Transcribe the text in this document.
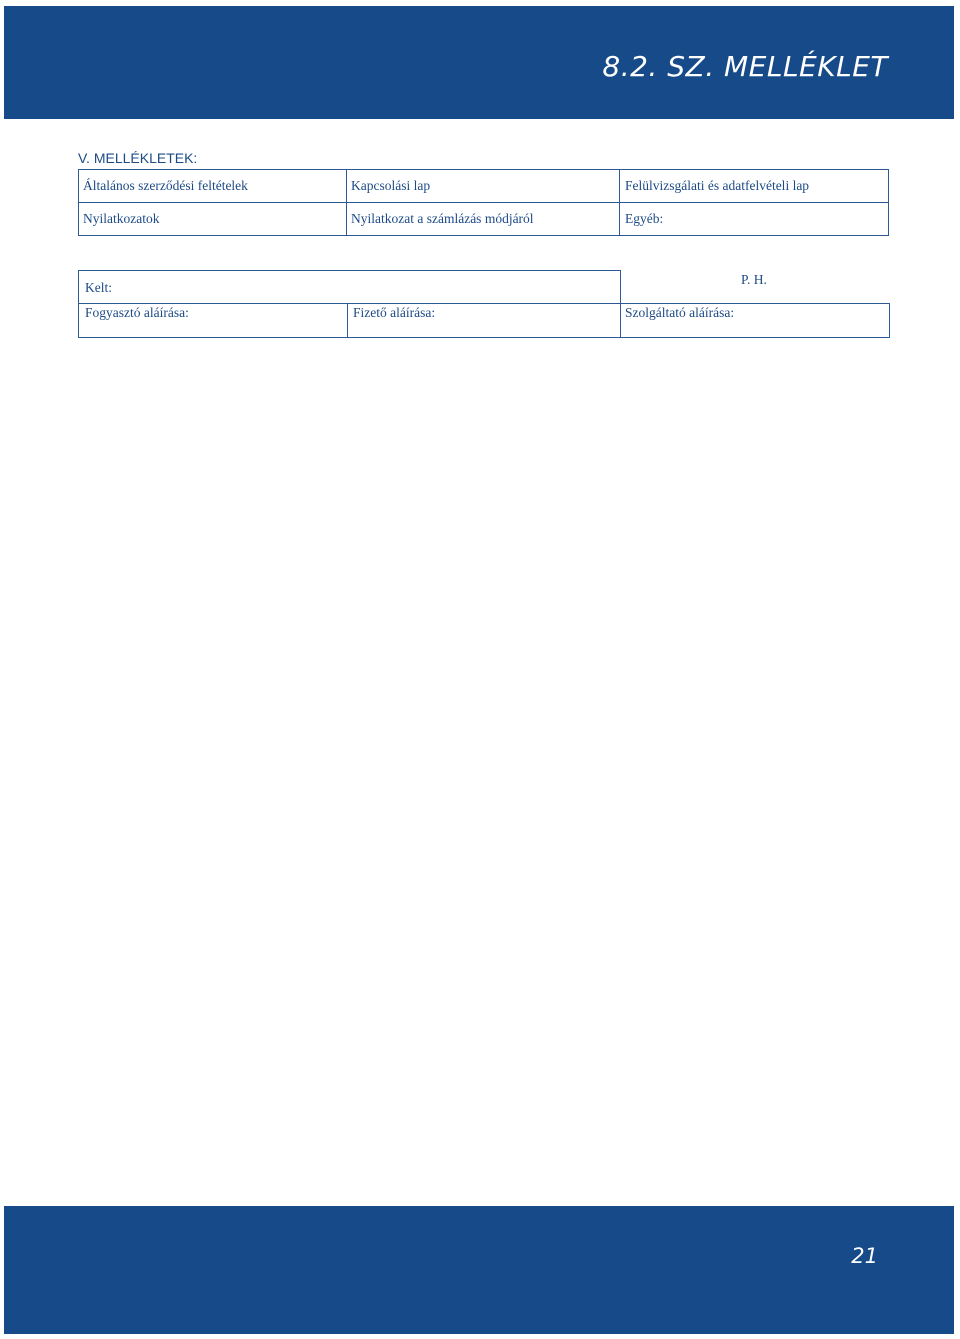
8.2. SZ. MELLÉKLET
V. MELLÉKLETEK:
Általános szerződési feltételek	Kapcsolási lap	Felülvizsgálati és adatfelvételi lap
Nyilatkozatok	Nyilatkozat a számlázás módjáról	Egyéb:
Kelt:
P. H.
Fogyasztó aláírása:	Fizető aláírása:	Szolgáltató aláírása:
21
